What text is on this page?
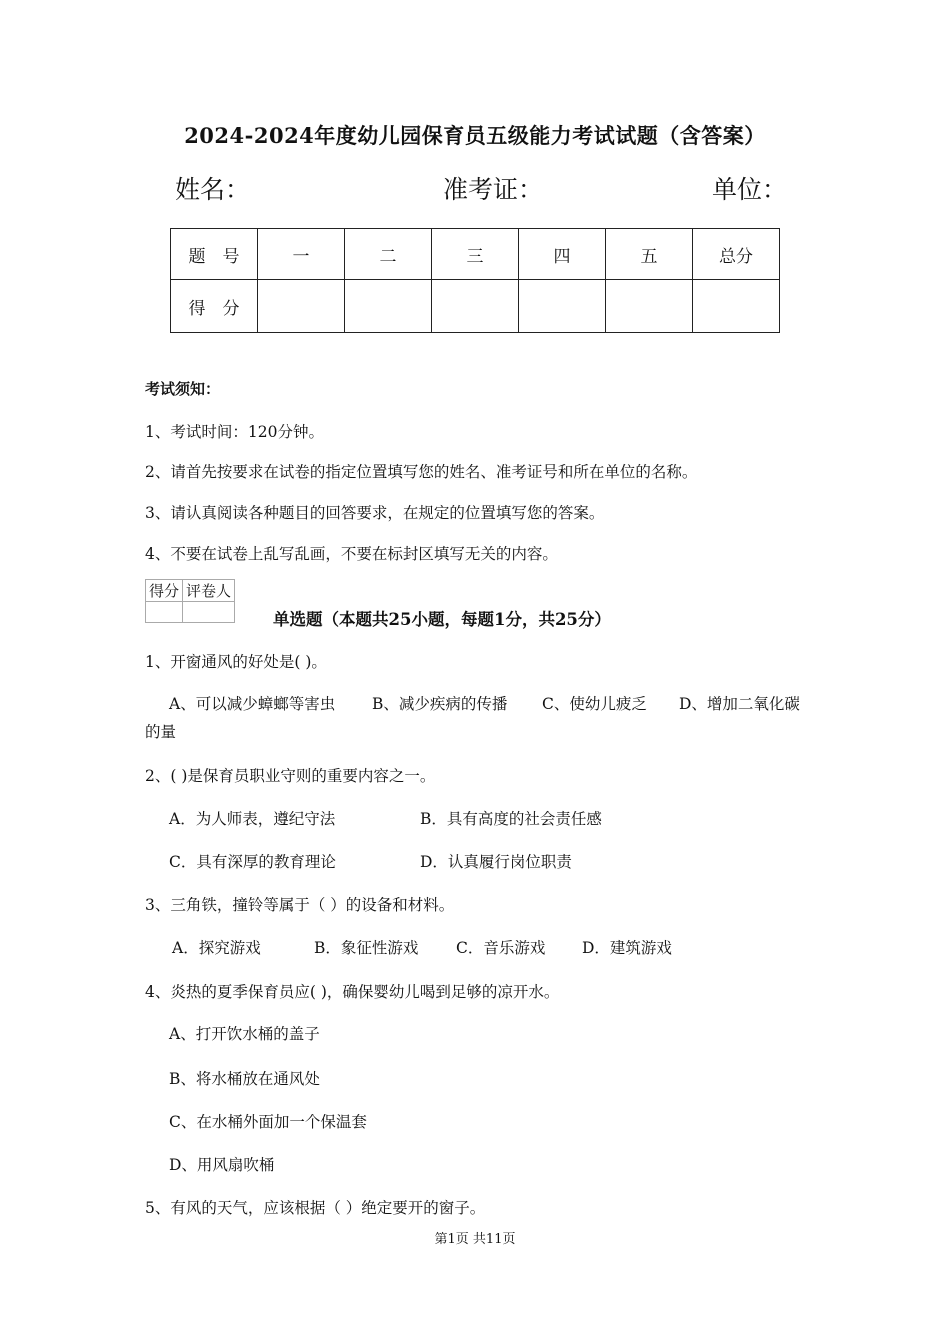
2024-2024年度幼儿园保育员五级能力考试试题（含答案）
姓名：	准考证：	单位：
题　号	一	二	三	四	五	总分
得　分						
考试须知：
1、考试时间：120分钟。
2、请首先按要求在试卷的指定位置填写您的姓名、准考证号和所在单位的名称。
3、请认真阅读各种题目的回答要求，在规定的位置填写您的答案。
4、不要在试卷上乱写乱画，不要在标封区填写无关的内容。
得分	评卷人

单选题（本题共25小题，每题1分，共25分）
1、开窗通风的好处是( )。
A、可以减少蟑螂等害虫 B、减少疾病的传播 C、使幼儿疲乏 D、增加二氧化碳
的量
2、( )是保育员职业守则的重要内容之一。
A．为人师表，遵纪守法	B．具有高度的社会责任感
C．具有深厚的教育理论	D．认真履行岗位职责
3、三角铁，撞铃等属于（ ）的设备和材料。
A．探究游戏	B．象征性游戏 C．音乐游戏 D．建筑游戏
4、炎热的夏季保育员应( )，确保婴幼儿喝到足够的凉开水。
A、打开饮水桶的盖子
B、将水桶放在通风处
C、在水桶外面加一个保温套
D、用风扇吹桶
5、有风的天气，应该根据（ ）绝定要开的窗子。
第1页 共11页
